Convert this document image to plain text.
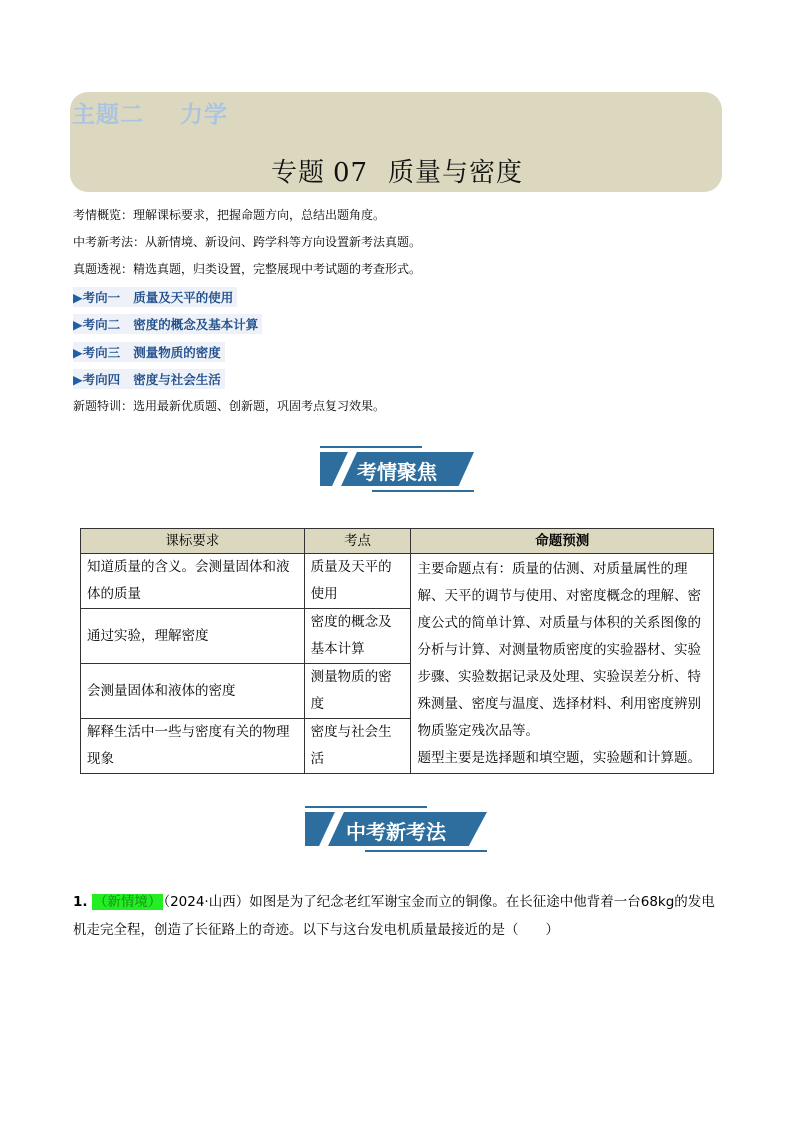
主题二 力学
专题 07 质量与密度
考情概览：理解课标要求，把握命题方向，总结出题角度。
中考新考法：从新情境、新设问、跨学科等方向设置新考法真题。
真题透视：精选真题，归类设置，完整展现中考试题的考查形式。
▶考向一 质量及天平的使用
▶考向二 密度的概念及基本计算
▶考向三 测量物质的密度
▶考向四 密度与社会生活
新题特训：选用最新优质题、创新题，巩固考点复习效果。
考情聚焦
课标要求	考点	命题预测
知道质量的含义。会测量固体和液体的质量	质量及天平的使用	主要命题点有：质量的估测、对质量属性的理解、天平的调节与使用、对密度概念的理解、密度公式的简单计算、对质量与体积的关系图像的分析与计算、对测量物质密度的实验器材、实验步骤、实验数据记录及处理、实验误差分析、特殊测量、密度与温度、选择材料、利用密度辨别物质鉴定残次品等。
题型主要是选择题和填空题，实验题和计算题。

通过实验，理解密度	密度的概念及基本计算	
会测量固体和液体的密度	测量物质的密度	
解释生活中一些与密度有关的物理现象	密度与社会生活	
中考新考法
1. （新情境） （2024·山西）如图是为了纪念老红军谢宝金而立的铜像。在长征途中他背着一台68kg的发电机走完全程，创造了长征路上的奇迹。以下与这台发电机质量最接近的是（　　）
